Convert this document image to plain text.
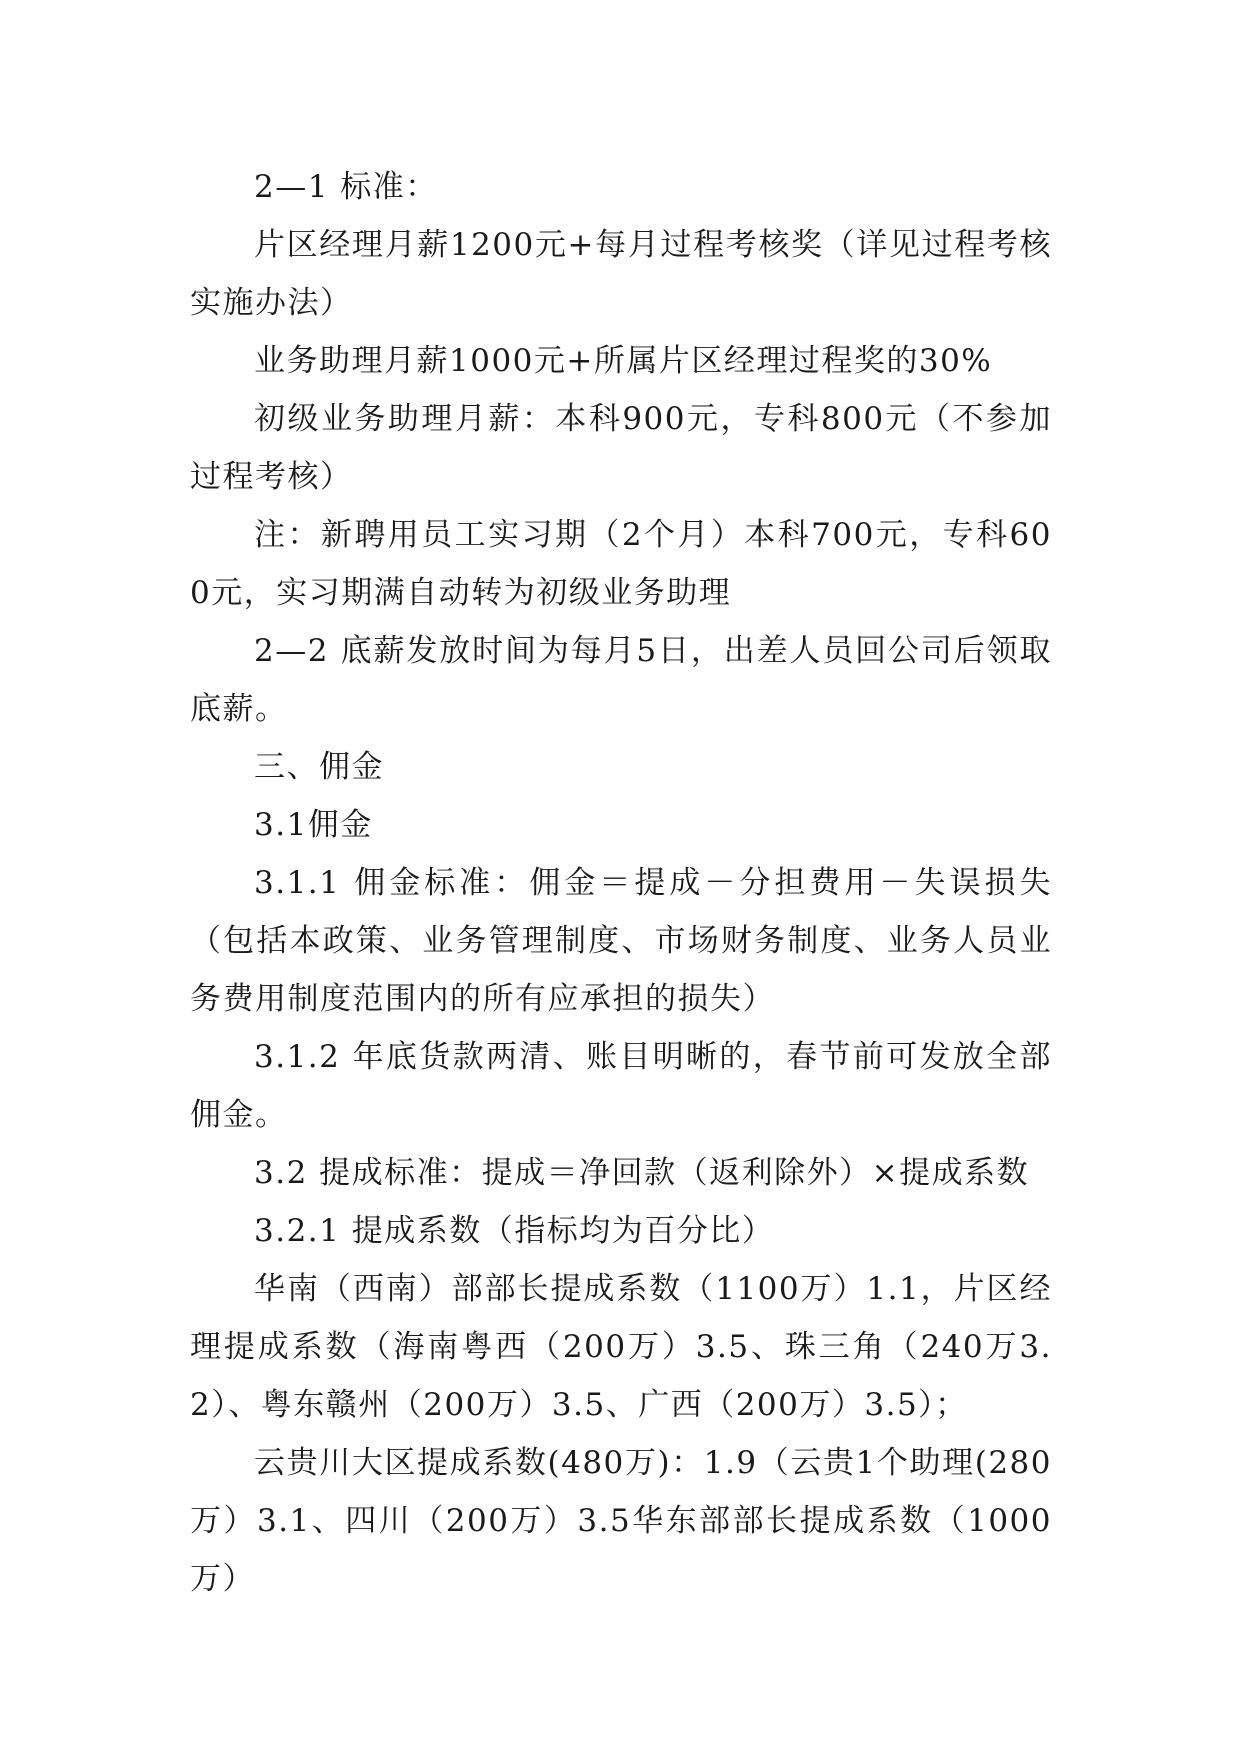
2—1 标准：

片区经理月薪1200元+每月过程考核奖（详见过程考核实施办法）

业务助理月薪1000元+所属片区经理过程奖的30%

初级业务助理月薪：本科900元，专科800元（不参加过程考核）

注：新聘用员工实习期（2个月）本科700元，专科600元，实习期满自动转为初级业务助理

2—2 底薪发放时间为每月5日，出差人员回公司后领取底薪。

三、佣金

3.1佣金

3.1.1 佣金标准：佣金＝提成－分担费用－失误损失（包括本政策、业务管理制度、市场财务制度、业务人员业务费用制度范围内的所有应承担的损失）

3.1.2 年底货款两清、账目明晰的，春节前可发放全部佣金。

3.2 提成标准：提成＝净回款（返利除外）×提成系数

3.2.1 提成系数（指标均为百分比）

华南（西南）部部长提成系数（1100万）1.1，片区经理提成系数（海南粤西（200万）3.5、珠三角（240万3.2）、粤东赣州（200万）3.5、广西（200万）3.5）；

云贵川大区提成系数(480万)：1.9（云贵1个助理(280万）3.1、四川（200万）3.5华东部部长提成系数（1000万）
